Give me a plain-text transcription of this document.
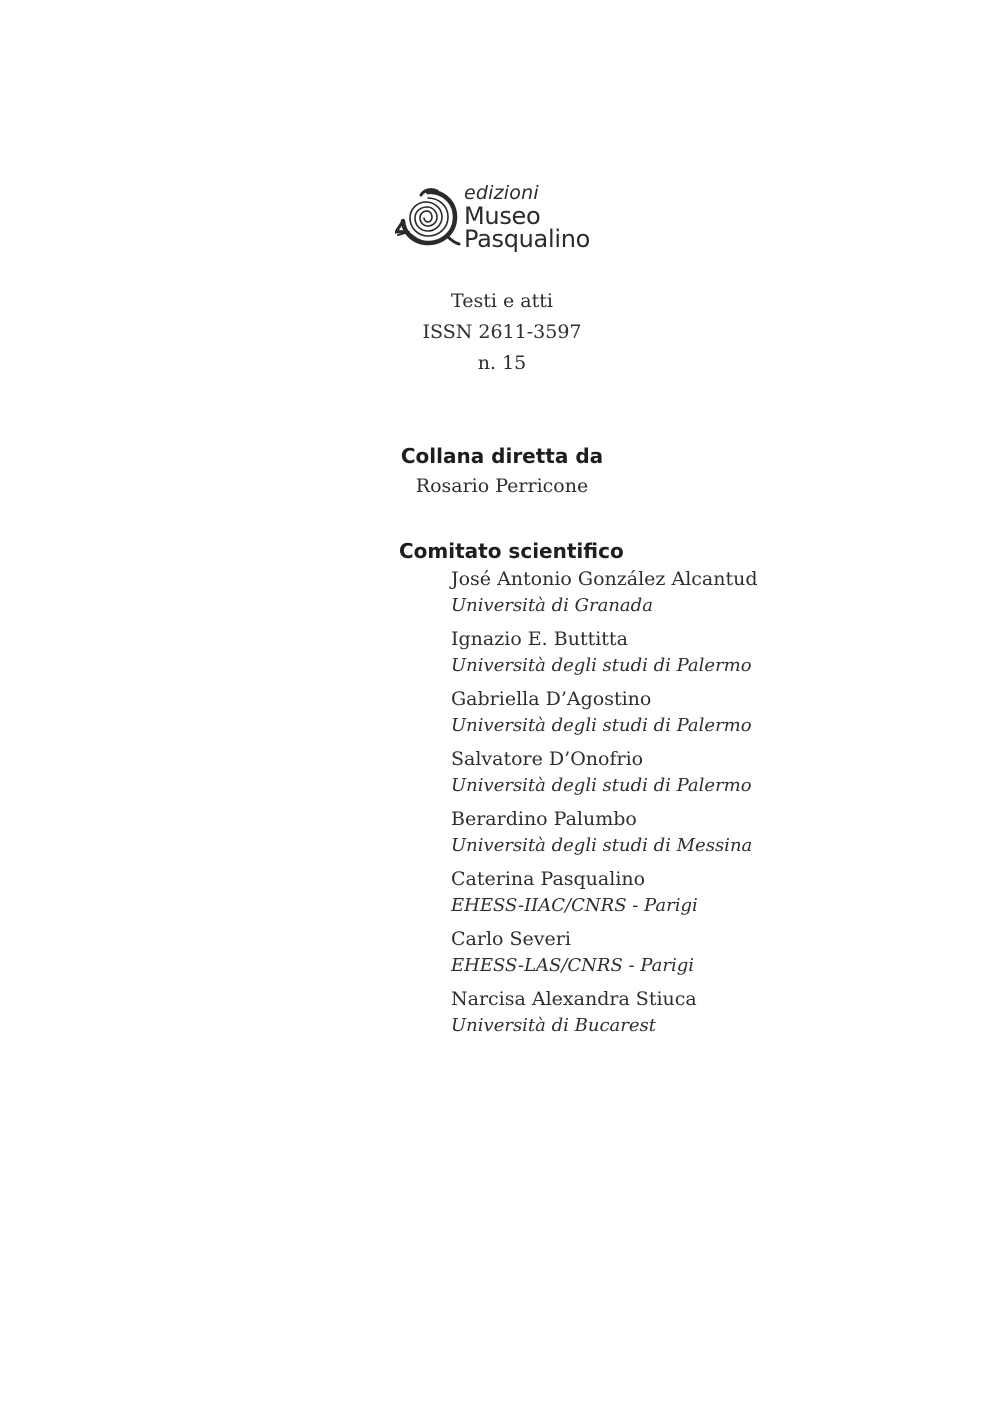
edizioni
Museo
Pasqualino
Testi e atti
ISSN 2611-3597
n. 15
Collana diretta da
Rosario Perricone
Comitato scientifico
José Antonio González Alcantud
Università di Granada
Ignazio E. Buttitta
Università degli studi di Palermo
Gabriella D’Agostino
Università degli studi di Palermo
Salvatore D’Onofrio
Università degli studi di Palermo
Berardino Palumbo
Università degli studi di Messina
Caterina Pasqualino
EHESS-IIAC/CNRS - Parigi
Carlo Severi
EHESS-LAS/CNRS - Parigi
Narcisa Alexandra Stiuca
Università di Bucarest
